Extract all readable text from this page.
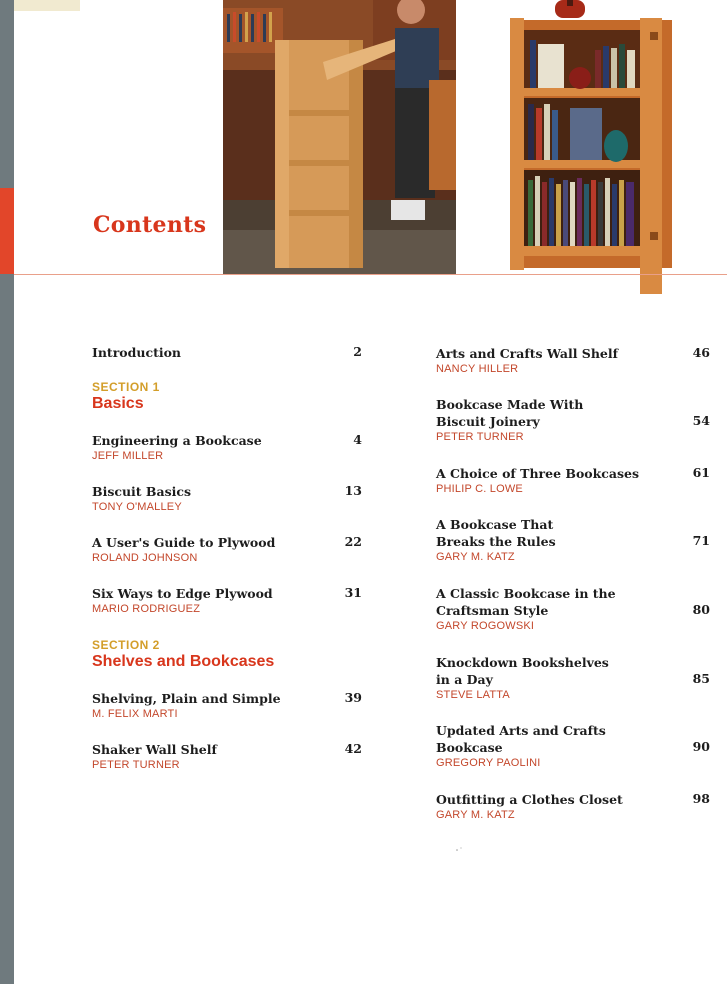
Contents
Introduction	2
SECTION 1
Basics
Engineering a Bookcase
JEFF MILLER
4
Biscuit Basics
TONY O'MALLEY
13
A User's Guide to Plywood
ROLAND JOHNSON
22
Six Ways to Edge Plywood
MARIO RODRIGUEZ
31
SECTION 2
Shelves and Bookcases
Shelving, Plain and Simple
M. FELIX MARTI
39
Shaker Wall Shelf
PETER TURNER
42
Arts and Crafts Wall Shelf
NANCY HILLER
46
Bookcase Made With Biscuit Joinery
PETER TURNER
54
A Choice of Three Bookcases
PHILIP C. LOWE
61
A Bookcase That Breaks the Rules
GARY M. KATZ
71
A Classic Bookcase in the Craftsman Style
GARY ROGOWSKI
80
Knockdown Bookshelves in a Day
STEVE LATTA
85
Updated Arts and Crafts Bookcase
GREGORY PAOLINI
90
Outfitting a Clothes Closet
GARY M. KATZ
98
